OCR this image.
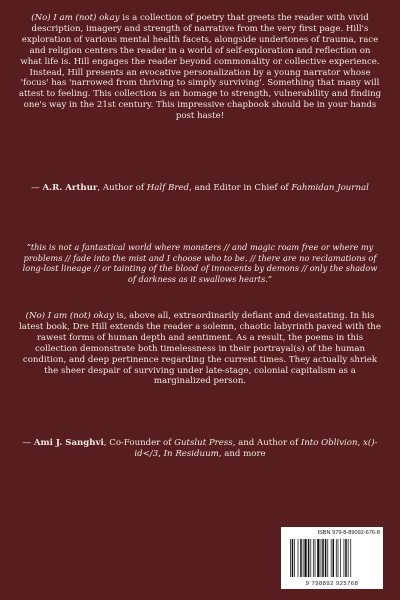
(No) I am (not) okay is a collection of poetry that greets the reader with vivid description, imagery and strength of narrative from the very first page. Hill's exploration of various mental health facets, alongside undertones of trauma, race and religion centers the reader in a world of self-exploration and reflection on what life is. Hill engages the reader beyond commonality or collective experience. Instead, Hill presents an evocative personalization by a young narrator whose 'focus' has 'narrowed from thriving to simply surviving'. Something that many will attest to feeling. This collection is an homage to strength, vulnerability and finding one's way in the 21st century. This impressive chapbook should be in your hands post haste!
— A.R. Arthur, Author of Half Bred, and Editor in Chief of Fahmidan Journal
“this is not a fantastical world where monsters // and magic roam free or where my problems // fade into the mist and I choose who to be. // there are no reclamations of long-lost lineage // or tainting of the blood of innocents by demons // only the shadow of darkness as it swallows hearts.”
(No) I am (not) okay is, above all, extraordinarily defiant and devastating. In his latest book, Dre Hill extends the reader a solemn, chaotic labyrinth paved with the rawest forms of human depth and sentiment. As a result, the poems in this collection demonstrate both timelessness in their portrayal(s) of the human condition, and deep pertinence regarding the current times. They actually shriek the sheer despair of surviving under late-stage, colonial capitalism as a marginalized person.
— Ami J. Sanghvi, Co-Founder of Gutslut Press, and Author of Into Oblivion, x()-id</3, In Residuum, and more
ISBN 979-8-89092-676-8
9 798892 925768
